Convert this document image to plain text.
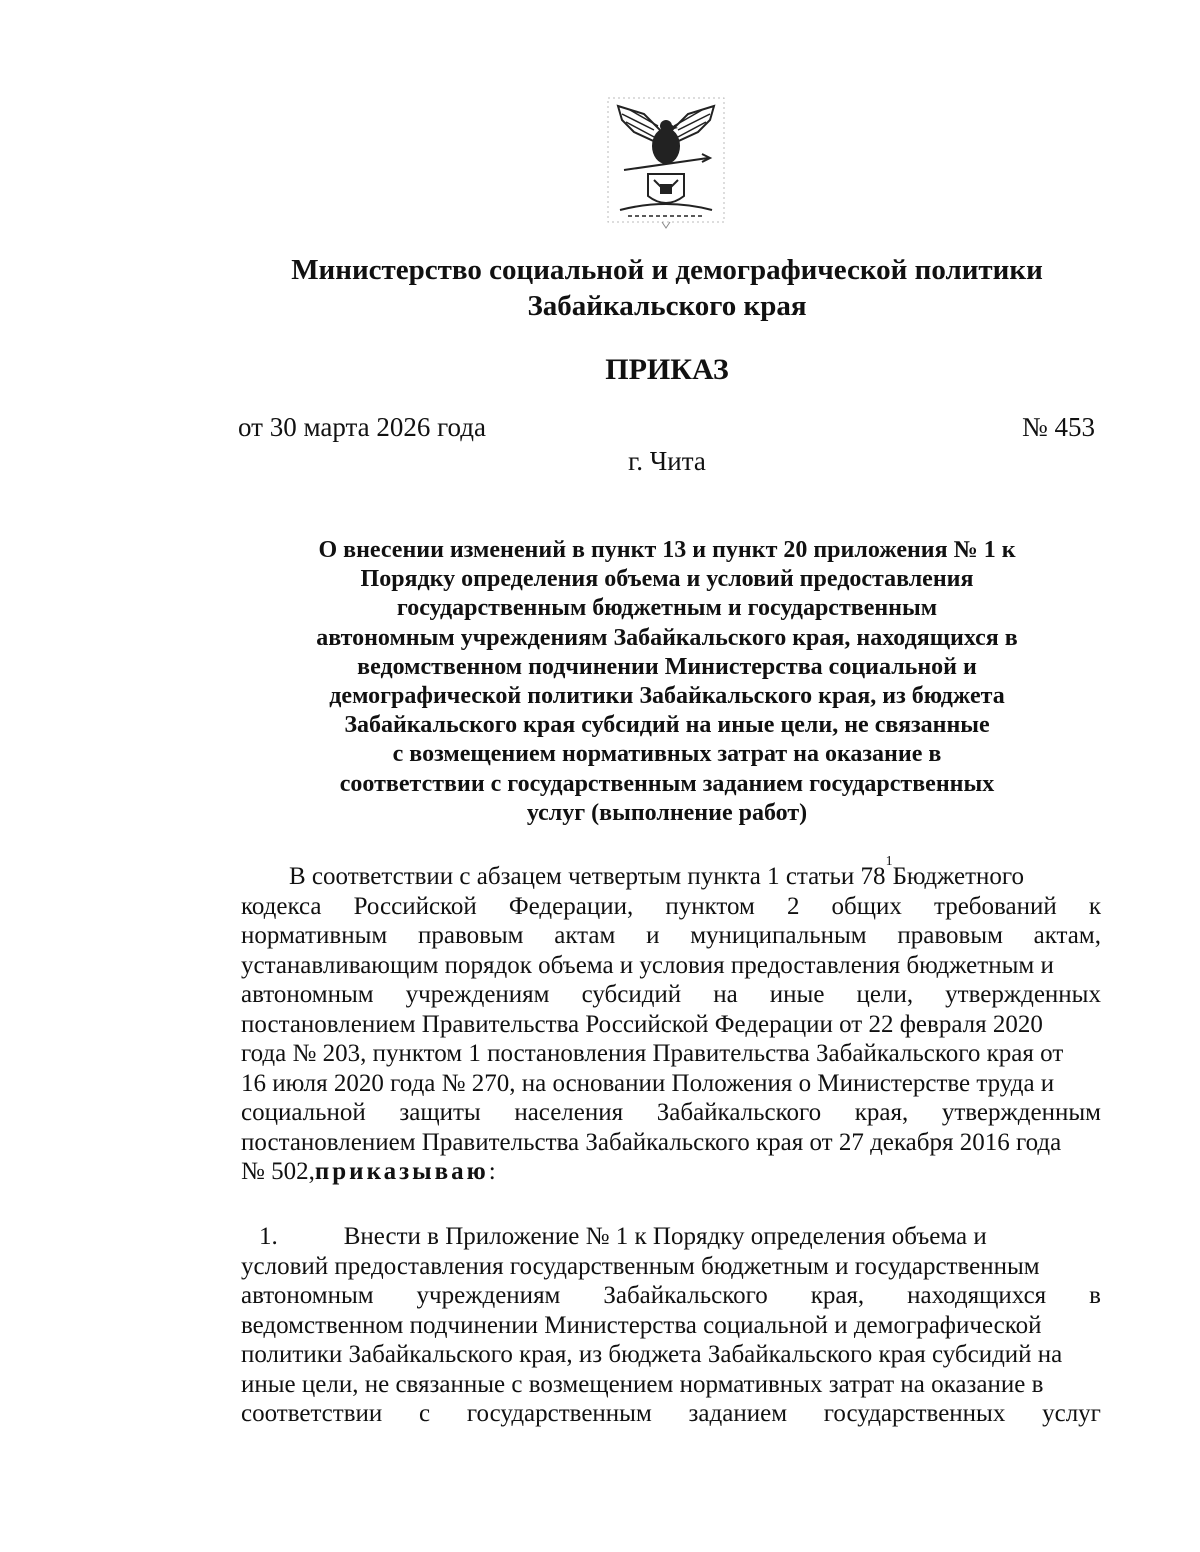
Министерство социальной и демографической политики
Забайкальского края
ПРИКАЗ
от 30 марта 2026 года	№ 453
г. Чита
О внесении изменений в пункт 13 и пункт 20 приложения № 1 к
Порядку определения объема и условий предоставления
государственным бюджетным и государственным
автономным учреждениям Забайкальского края, находящихся в
ведомственном подчинении Министерства социальной и
демографической политики Забайкальского края, из бюджета
Забайкальского края субсидий на иные цели, не связанные
с возмещением нормативных затрат на оказание в
соответствии с государственным заданием государственных
услуг (выполнение работ)
В соответствии с абзацем четвертым пункта 1 статьи 78
1
Бюджетного
кодекса Российской Федерации, пунктом 2 общих требований к
нормативным правовым актам и муниципальным правовым актам,
устанавливающим порядок объема и условия предоставления бюджетным и
автономным учреждениям субсидий на иные цели, утвержденных
постановлением Правительства Российской Федерации от 22 февраля 2020
года № 203, пунктом 1 постановления Правительства Забайкальского края от
16 июля 2020 года № 270, на основании Положения о Министерстве труда и
социальной защиты населения Забайкальского края, утвержденным
постановлением Правительства Забайкальского края от 27 декабря 2016 года
№ 502, приказываю :
1.	Внести в Приложение № 1 к Порядку определения объема и
условий предоставления государственным бюджетным и государственным
автономным учреждениям Забайкальского края, находящихся в
ведомственном подчинении Министерства социальной и демографической
политики Забайкальского края, из бюджета Забайкальского края субсидий на
иные цели, не связанные с возмещением нормативных затрат на оказание в
соответствии с государственным заданием государственных услуг
